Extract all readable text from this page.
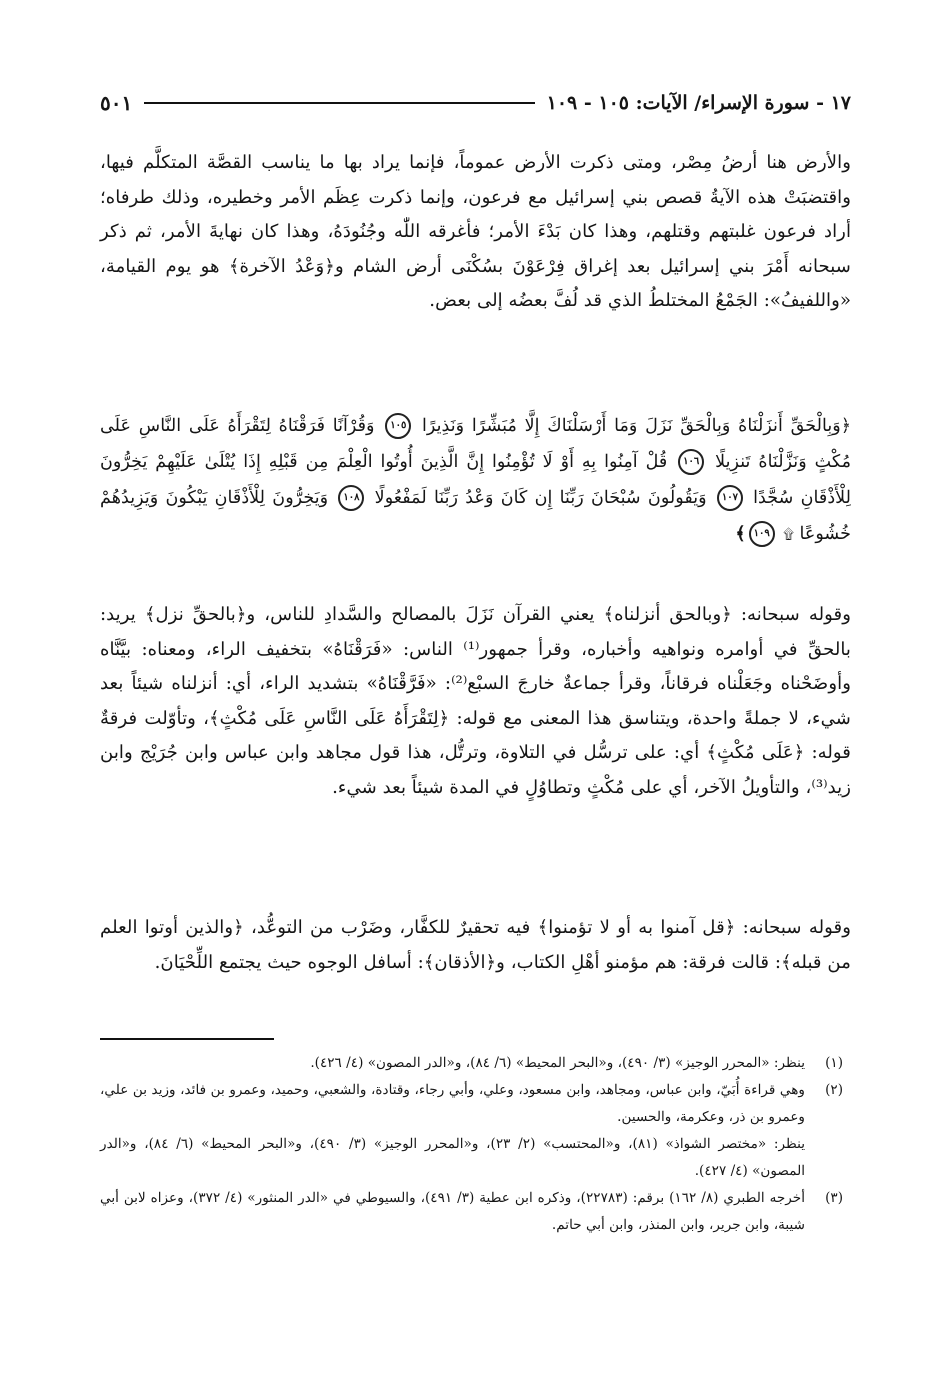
١٧ - سورة الإسراء/ الآيات: ١٠٥ - ١٠٩
٥٠١

والأرض هنا أرضُ مِصْر، ومتى ذكرت الأرض عموماً، فإنما يراد بها ما يناسب القصَّة المتكلَّم فيها، واقتضبَتْ هذه الآيةُ قصص بني إسرائيل مع فرعون، وإنما ذكرت عِظَم الأمر وخطيره، وذلك طرفاه؛ أراد فرعون غلبتهم وقتلهم، وهذا كان بَدْءَ الأمر؛ فأغرقه اللّٰه وجُنُودَهُ، وهذا كان نهايةَ الأمر، ثم ذكر سبحانه أَمْرَ بني إسرائيل بعد إغراق فِرْعَوْنَ بسُكْنَى أرض الشام و﴿وَعْدُ الآخرة﴾ هو يوم القيامة، «واللفيفُ»: الجَمْعُ المختلطُ الذي قد لُفَّ بعضُه إلى بعض.

﴿وَبِالْحَقِّ أَنزَلْنَاهُ وَبِالْحَقِّ نَزَلَ وَمَا أَرْسَلْنَاكَ إِلَّا مُبَشِّرًا وَنَذِيرًا ١٠٥ وَقُرْآنًا فَرَقْنَاهُ لِتَقْرَأَهُ عَلَى النَّاسِ عَلَى مُكْثٍ وَنَزَّلْنَاهُ تَنزِيلًا ١٠٦ قُلْ آمِنُوا بِهِ أَوْ لَا تُؤْمِنُوا إِنَّ الَّذِينَ أُوتُوا الْعِلْمَ مِن قَبْلِهِ إِذَا يُتْلَىٰ عَلَيْهِمْ يَخِرُّونَ لِلْأَذْقَانِ سُجَّدًا ١٠٧ وَيَقُولُونَ سُبْحَانَ رَبِّنَا إِن كَانَ وَعْدُ رَبِّنَا لَمَفْعُولًا ١٠٨ وَيَخِرُّونَ لِلْأَذْقَانِ يَبْكُونَ وَيَزِيدُهُمْ خُشُوعًا ۩ ١٠٩﴾

وقوله سبحانه: ﴿وبالحق أنزلناه﴾ يعني القرآن نَزَلَ بالمصالح والسَّدادِ للناس، و﴿بالحقِّ نزل﴾ يريد: بالحقِّ في أوامره ونواهيه وأخباره، وقرأ جمهور⁽¹⁾ الناس: «فَرَقْنَاهُ» بتخفيف الراء، ومعناه: بيَّنَّاه وأوضَحْناه وجَعَلْناه فرقاناً، وقرأ جماعةٌ خارجَ السبْع⁽²⁾: «فَرَّقْنَاهُ» بتشديد الراء، أي: أنزلناه شيئاً بعد شيء، لا جملةً واحدة، ويتناسق هذا المعنى مع قوله: ﴿لِتَقْرَأَهُ عَلَى النَّاسِ عَلَى مُكْثٍ﴾، وتأوّلت فرقةٌ قوله: ﴿عَلَى مُكْثٍ﴾ أي: على ترسُّل في التلاوة، وترتُّل، هذا قول مجاهد وابن عباس وابن جُرَيْج وابن زيد⁽³⁾، والتأويلُ الآخر، أي على مُكْثٍ وتطاوُلٍ في المدة شيئاً بعد شيء.

وقوله سبحانه: ﴿قل آمنوا به أو لا تؤمنوا﴾ فيه تحقيرٌ للكفَّار، وضَرْب من التوعُّد، ﴿والذين أوتوا العلم من قبله﴾: قالت فرقة: هم مؤمنو أهْلِ الكتاب، و﴿الأذقان﴾: أسافل الوجوه حيث يجتمع اللِّحْيَانَ.

(١)

ينظر: «المحرر الوجيز» (٣/ ٤٩٠)، و«البحر المحيط» (٦/ ٨٤)، و«الدر المصون» (٤/ ٤٢٦).

(٢)

وهي قراءة أُبَيّ، وابن عباس، ومجاهد، وابن مسعود، وعلي، وأبي رجاء، وقتادة، والشعبي، وحميد، وعمرو بن فائد، وزيد بن علي، وعمرو بن ذر، وعكرمة، والحسين.

ينظر: «مختصر الشواذ» (٨١)، و«المحتسب» (٢/ ٢٣)، و«المحرر الوجيز» (٣/ ٤٩٠)، و«البحر المحيط» (٦/ ٨٤)، و«الدر المصون» (٤/ ٤٢٧).

(٣)

أخرجه الطبري (٨/ ١٦٢) برقم: (٢٢٧٨٣)، وذكره ابن عطية (٣/ ٤٩١)، والسيوطي في «الدر المنثور» (٤/ ٣٧٢)، وعزاه لابن أبي شيبة، وابن جرير، وابن المنذر، وابن أبي حاتم.
